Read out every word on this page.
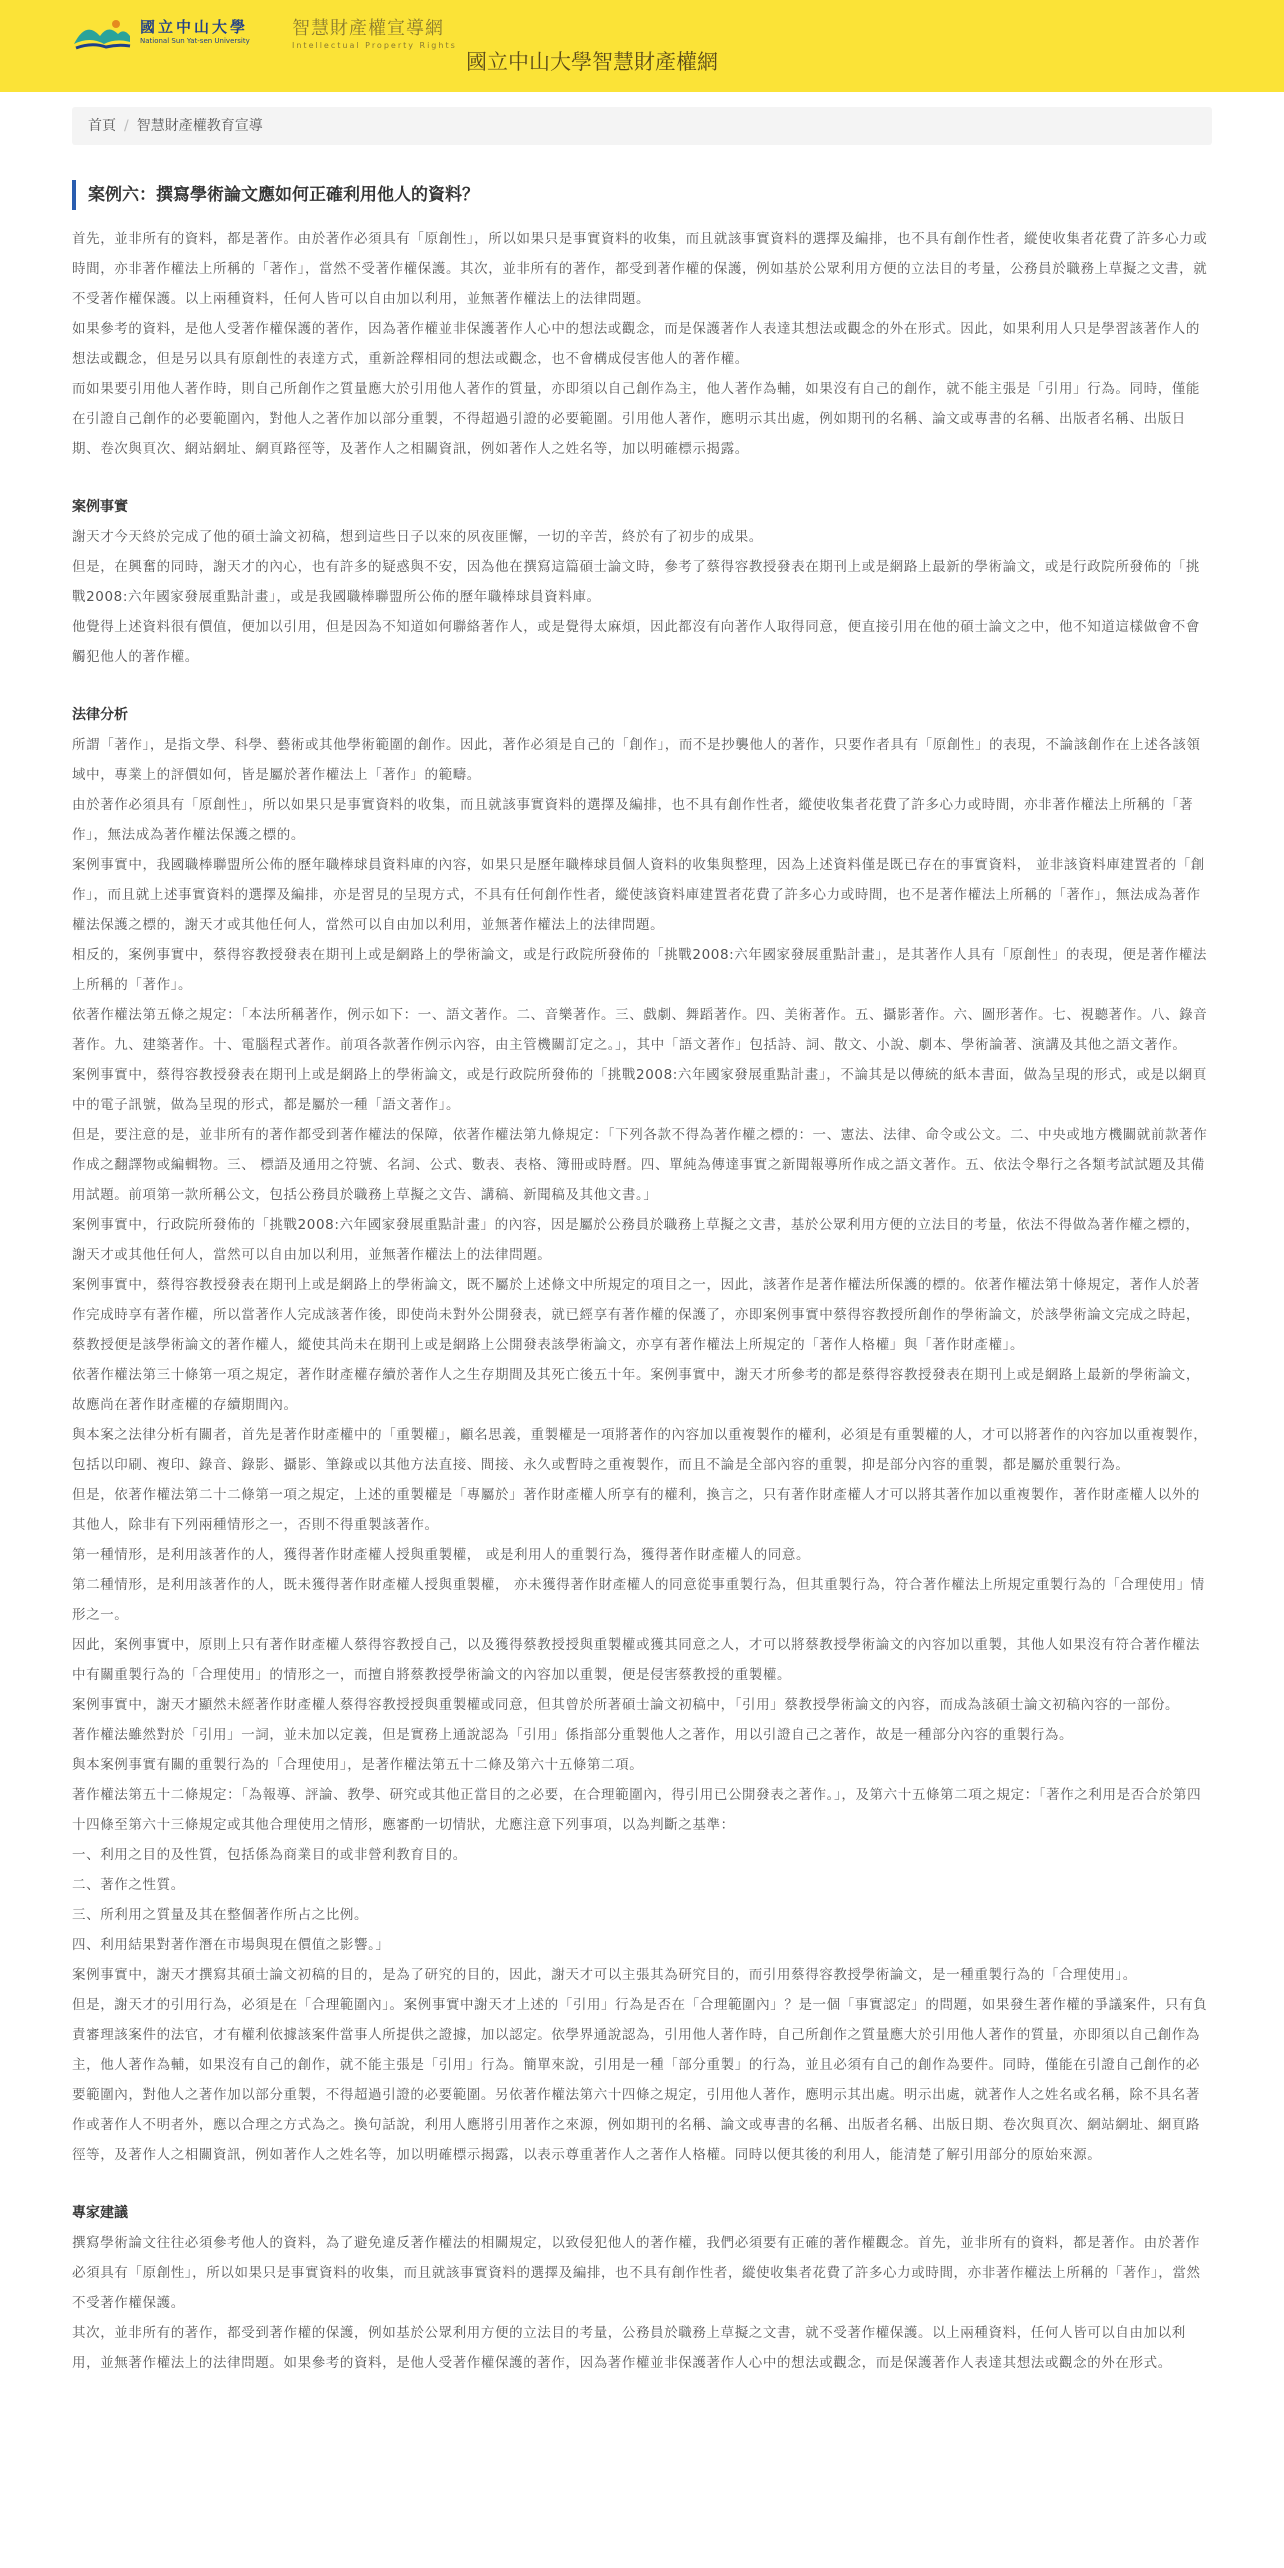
國立中山大學
National Sun Yat-sen University
智慧財產權宣導網
Intellectual Property Rights
國立中山大學智慧財產權網
首頁 / 智慧財產權教育宣導
案例六：撰寫學術論文應如何正確利用他人的資料？

首先，並非所有的資料，都是著作。由於著作必須具有「原創性」，所以如果只是事實資料的收集，而且就該事實資料的選擇及編排，也不具有創作性者，縱使收集者花費了許多心力或時間，亦非著作權法上所稱的「著作」，當然不受著作權保護。其次，並非所有的著作，都受到著作權的保護，例如基於公眾利用方便的立法目的考量，公務員於職務上草擬之文書，就不受著作權保護。以上兩種資料，任何人皆可以自由加以利用，並無著作權法上的法律問題。

如果參考的資料，是他人受著作權保護的著作，因為著作權並非保護著作人心中的想法或觀念，而是保護著作人表達其想法或觀念的外在形式。因此，如果利用人只是學習該著作人的想法或觀念，但是另以具有原創性的表達方式，重新詮釋相同的想法或觀念，也不會構成侵害他人的著作權。

而如果要引用他人著作時，則自己所創作之質量應大於引用他人著作的質量，亦即須以自己創作為主，他人著作為輔，如果沒有自己的創作，就不能主張是「引用」行為。同時，僅能在引證自己創作的必要範圍內，對他人之著作加以部分重製，不得超過引證的必要範圍。引用他人著作，應明示其出處，例如期刊的名稱、論文或專書的名稱、出版者名稱、出版日期、卷次與頁次、網站網址、網頁路徑等，及著作人之相關資訊，例如著作人之姓名等，加以明確標示揭露。

案例事實

謝天才今天終於完成了他的碩士論文初稿，想到這些日子以來的夙夜匪懈，一切的辛苦，終於有了初步的成果。

但是，在興奮的同時，謝天才的內心，也有許多的疑惑與不安，因為他在撰寫這篇碩士論文時，參考了蔡得容教授發表在期刊上或是網路上最新的學術論文，或是行政院所發佈的「挑戰2008:六年國家發展重點計畫」，或是我國職棒聯盟所公佈的歷年職棒球員資料庫。

他覺得上述資料很有價值，便加以引用，但是因為不知道如何聯絡著作人，或是覺得太麻煩，因此都沒有向著作人取得同意，便直接引用在他的碩士論文之中，他不知道這樣做會不會觸犯他人的著作權。

法律分析

所謂「著作」，是指文學、科學、藝術或其他學術範圍的創作。因此，著作必須是自己的「創作」，而不是抄襲他人的著作，只要作者具有「原創性」的表現，不論該創作在上述各該領域中，專業上的評價如何，皆是屬於著作權法上「著作」的範疇。

由於著作必須具有「原創性」，所以如果只是事實資料的收集，而且就該事實資料的選擇及編排，也不具有創作性者，縱使收集者花費了許多心力或時間，亦非著作權法上所稱的「著作」，無法成為著作權法保護之標的。

案例事實中，我國職棒聯盟所公佈的歷年職棒球員資料庫的內容，如果只是歷年職棒球員個人資料的收集與整理，因為上述資料僅是既已存在的事實資料， 並非該資料庫建置者的「創作」，而且就上述事實資料的選擇及編排，亦是習見的呈現方式，不具有任何創作性者，縱使該資料庫建置者花費了許多心力或時間，也不是著作權法上所稱的「著作」，無法成為著作權法保護之標的，謝天才或其他任何人，當然可以自由加以利用，並無著作權法上的法律問題。

相反的，案例事實中，蔡得容教授發表在期刊上或是網路上的學術論文，或是行政院所發佈的「挑戰2008:六年國家發展重點計畫」，是其著作人具有「原創性」的表現，便是著作權法上所稱的「著作」。

依著作權法第五條之規定：「本法所稱著作，例示如下：一、語文著作。二、音樂著作。三、戲劇、舞蹈著作。四、美術著作。五、攝影著作。六、圖形著作。七、視聽著作。八、錄音著作。九、建築著作。十、電腦程式著作。前項各款著作例示內容，由主管機關訂定之。」，其中「語文著作」包括詩、詞、散文、小說、劇本、學術論著、演講及其他之語文著作。

案例事實中，蔡得容教授發表在期刊上或是網路上的學術論文，或是行政院所發佈的「挑戰2008:六年國家發展重點計畫」，不論其是以傳統的紙本書面，做為呈現的形式，或是以網頁中的電子訊號，做為呈現的形式，都是屬於一種「語文著作」。

但是，要注意的是，並非所有的著作都受到著作權法的保障，依著作權法第九條規定：「下列各款不得為著作權之標的：一、憲法、法律、命令或公文。二、中央或地方機關就前款著作作成之翻譯物或編輯物。三、 標語及通用之符號、名詞、公式、數表、表格、簿冊或時曆。四、單純為傳達事實之新聞報導所作成之語文著作。五、依法令舉行之各類考試試題及其備用試題。前項第一款所稱公文，包括公務員於職務上草擬之文告、講稿、新聞稿及其他文書。」

案例事實中，行政院所發佈的「挑戰2008:六年國家發展重點計畫」的內容，因是屬於公務員於職務上草擬之文書，基於公眾利用方便的立法目的考量，依法不得做為著作權之標的，謝天才或其他任何人，當然可以自由加以利用，並無著作權法上的法律問題。

案例事實中，蔡得容教授發表在期刊上或是網路上的學術論文，既不屬於上述條文中所規定的項目之一，因此，該著作是著作權法所保護的標的。依著作權法第十條規定，著作人於著作完成時享有著作權，所以當著作人完成該著作後，即使尚未對外公開發表，就已經享有著作權的保護了，亦即案例事實中蔡得容教授所創作的學術論文，於該學術論文完成之時起，蔡教授便是該學術論文的著作權人，縱使其尚未在期刊上或是網路上公開發表該學術論文，亦享有著作權法上所規定的「著作人格權」與「著作財產權」。

依著作權法第三十條第一項之規定，著作財產權存續於著作人之生存期間及其死亡後五十年。案例事實中，謝天才所參考的都是蔡得容教授發表在期刊上或是網路上最新的學術論文，故應尚在著作財產權的存續期間內。

與本案之法律分析有關者，首先是著作財產權中的「重製權」，顧名思義，重製權是一項將著作的內容加以重複製作的權利，必須是有重製權的人，才可以將著作的內容加以重複製作，包括以印刷、複印、錄音、錄影、攝影、筆錄或以其他方法直接、間接、永久或暫時之重複製作，而且不論是全部內容的重製，抑是部分內容的重製，都是屬於重製行為。

但是，依著作權法第二十二條第一項之規定，上述的重製權是「專屬於」著作財產權人所享有的權利，換言之，只有著作財產權人才可以將其著作加以重複製作，著作財產權人以外的其他人，除非有下列兩種情形之一，否則不得重製該著作。

第一種情形，是利用該著作的人，獲得著作財產權人授與重製權， 或是利用人的重製行為，獲得著作財產權人的同意。

第二種情形，是利用該著作的人，既未獲得著作財產權人授與重製權， 亦未獲得著作財產權人的同意從事重製行為，但其重製行為，符合著作權法上所規定重製行為的「合理使用」情形之一。

因此，案例事實中，原則上只有著作財產權人蔡得容教授自己，以及獲得蔡教授授與重製權或獲其同意之人，才可以將蔡教授學術論文的內容加以重製，其他人如果沒有符合著作權法中有關重製行為的「合理使用」的情形之一，而擅自將蔡教授學術論文的內容加以重製，便是侵害蔡教授的重製權。

案例事實中，謝天才顯然未經著作財產權人蔡得容教授授與重製權或同意，但其曾於所著碩士論文初稿中，「引用」蔡教授學術論文的內容，而成為該碩士論文初稿內容的一部份。

著作權法雖然對於「引用」一詞，並未加以定義，但是實務上通說認為「引用」係指部分重製他人之著作，用以引證自己之著作，故是一種部分內容的重製行為。

與本案例事實有關的重製行為的「合理使用」，是著作權法第五十二條及第六十五條第二項。

著作權法第五十二條規定：「為報導、評論、教學、研究或其他正當目的之必要，在合理範圍內，得引用已公開發表之著作。」，及第六十五條第二項之規定：「著作之利用是否合於第四十四條至第六十三條規定或其他合理使用之情形，應審酌一切情狀，尤應注意下列事項，以為判斷之基準：

一、利用之目的及性質，包括係為商業目的或非營利教育目的。

二、著作之性質。

三、所利用之質量及其在整個著作所占之比例。

四、利用結果對著作潛在市場與現在價值之影響。」

案例事實中，謝天才撰寫其碩士論文初稿的目的，是為了研究的目的，因此，謝天才可以主張其為研究目的，而引用蔡得容教授學術論文，是一種重製行為的「合理使用」。

但是，謝天才的引用行為，必須是在「合理範圍內」。案例事實中謝天才上述的「引用」行為是否在「合理範圍內」？是一個「事實認定」的問題，如果發生著作權的爭議案件，只有負責審理該案件的法官，才有權利依據該案件當事人所提供之證據，加以認定。依學界通說認為，引用他人著作時，自己所創作之質量應大於引用他人著作的質量，亦即須以自己創作為主，他人著作為輔，如果沒有自己的創作，就不能主張是「引用」行為。簡單來說，引用是一種「部分重製」的行為，並且必須有自己的創作為要件。同時，僅能在引證自己創作的必要範圍內，對他人之著作加以部分重製，不得超過引證的必要範圍。另依著作權法第六十四條之規定，引用他人著作，應明示其出處。明示出處，就著作人之姓名或名稱，除不具名著作或著作人不明者外，應以合理之方式為之。換句話說，利用人應將引用著作之來源，例如期刊的名稱、論文或專書的名稱、出版者名稱、出版日期、卷次與頁次、網站網址、網頁路徑等，及著作人之相關資訊，例如著作人之姓名等，加以明確標示揭露，以表示尊重著作人之著作人格權。同時以便其後的利用人，能清楚了解引用部分的原始來源。

專家建議

撰寫學術論文往往必須參考他人的資料，為了避免違反著作權法的相關規定，以致侵犯他人的著作權，我們必須要有正確的著作權觀念。首先，並非所有的資料，都是著作。由於著作必須具有「原創性」，所以如果只是事實資料的收集，而且就該事實資料的選擇及編排，也不具有創作性者，縱使收集者花費了許多心力或時間，亦非著作權法上所稱的「著作」，當然不受著作權保護。

其次，並非所有的著作，都受到著作權的保護，例如基於公眾利用方便的立法目的考量，公務員於職務上草擬之文書，就不受著作權保護。以上兩種資料，任何人皆可以自由加以利用，並無著作權法上的法律問題。如果參考的資料，是他人受著作權保護的著作，因為著作權並非保護著作人心中的想法或觀念，而是保護著作人表達其想法或觀念的外在形式。
